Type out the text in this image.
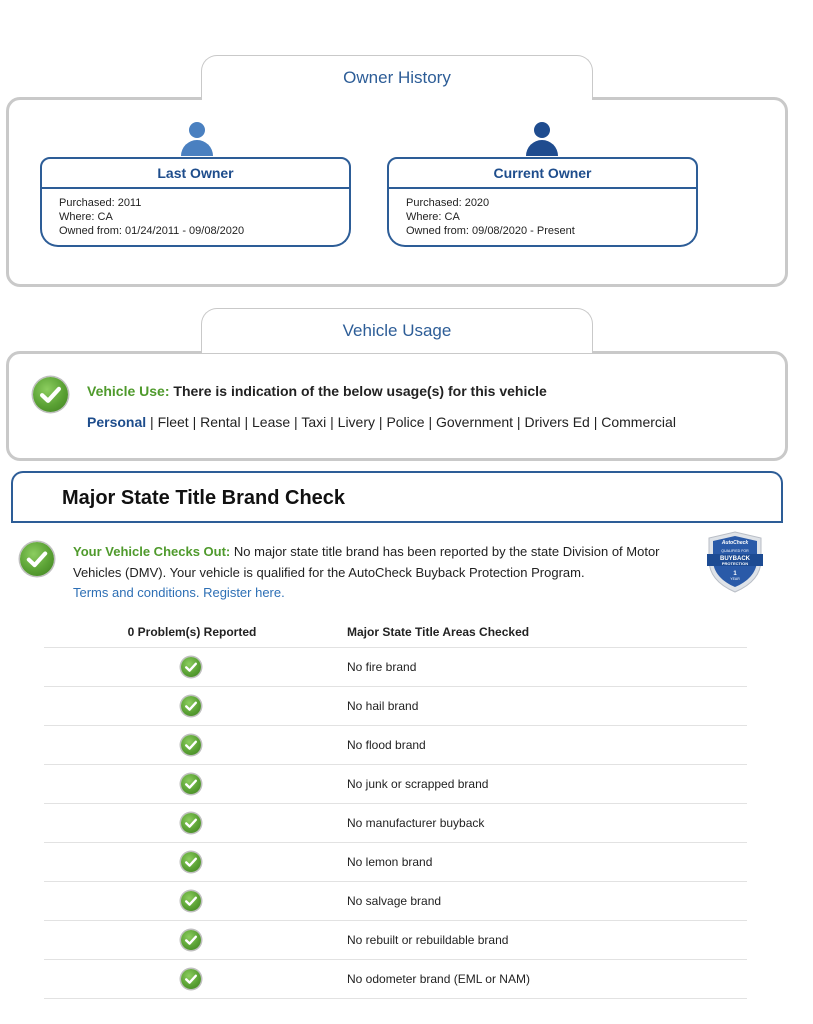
Owner History
Last Owner
Purchased: 2011
Where: CA
Owned from: 01/24/2011 - 09/08/2020
Current Owner
Purchased: 2020
Where: CA
Owned from: 09/08/2020 - Present
Vehicle Usage
Vehicle Use: There is indication of the below usage(s) for this vehicle
Personal | Fleet | Rental | Lease | Taxi | Livery | Police | Government | Drivers Ed | Commercial
Major State Title Brand Check
Your Vehicle Checks Out: No major state title brand has been reported by the state Division of Motor Vehicles (DMV). Your vehicle is qualified for the AutoCheck Buyback Protection Program.
Terms and conditions. Register here.
AutoCheck
QUALIFIED FOR
BUYBACK
PROTECTION
1
YEAR
0 Problem(s) Reported	Major State Title Areas Checked
No fire brand
No hail brand
No flood brand
No junk or scrapped brand
No manufacturer buyback
No lemon brand
No salvage brand
No rebuilt or rebuildable brand
No odometer brand (EML or NAM)
